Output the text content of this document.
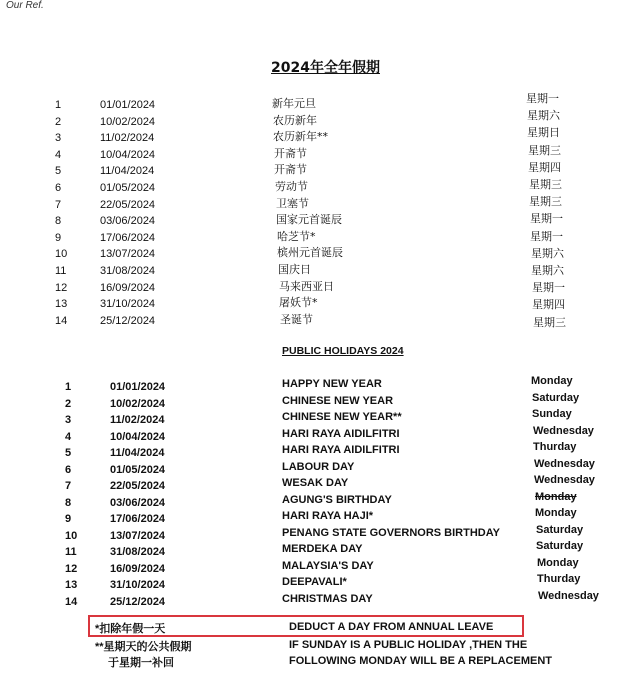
Our Ref.
2024年全年假期
1	01/01/2024	新年元旦	星期一
2	10/02/2024	农历新年	星期六
3	11/02/2024	农历新年**	星期日
4	10/04/2024	开斋节	星期三
5	11/04/2024	开斋节	星期四
6	01/05/2024	劳动节	星期三
7	22/05/2024	卫塞节	星期三
8	03/06/2024	国家元首诞辰	星期一
9	17/06/2024	哈芝节*	星期一
10	13/07/2024	槟州元首诞辰	星期六
11	31/08/2024	国庆日	星期六
12	16/09/2024	马来西亚日	星期一
13	31/10/2024	屠妖节*	星期四
14	25/12/2024	圣诞节	星期三
PUBLIC HOLIDAYS 2024
1	01/01/2024	HAPPY NEW YEAR	Monday
2	10/02/2024	CHINESE NEW YEAR	Saturday
3	11/02/2024	CHINESE NEW YEAR**	Sunday
4	10/04/2024	HARI RAYA AIDILFITRI	Wednesday
5	11/04/2024	HARI RAYA AIDILFITRI	Thurday
6	01/05/2024	LABOUR DAY	Wednesday
7	22/05/2024	WESAK DAY	Wednesday
8	03/06/2024	AGUNG'S BIRTHDAY	Monday
9	17/06/2024	HARI RAYA HAJI*	Monday
10	13/07/2024	PENANG STATE GOVERNORS BIRTHDAY	Saturday
11	31/08/2024	MERDEKA DAY	Saturday
12	16/09/2024	MALAYSIA'S DAY	Monday
13	31/10/2024	DEEPAVALI*	Thurday
14	25/12/2024	CHRISTMAS DAY	Wednesday
*扣除年假一天	DEDUCT A DAY FROM ANNUAL LEAVE
**星期天的公共假期	IF SUNDAY IS A PUBLIC HOLIDAY ,THEN THE
于星期一补回	FOLLOWING MONDAY WILL BE A REPLACEMENT
